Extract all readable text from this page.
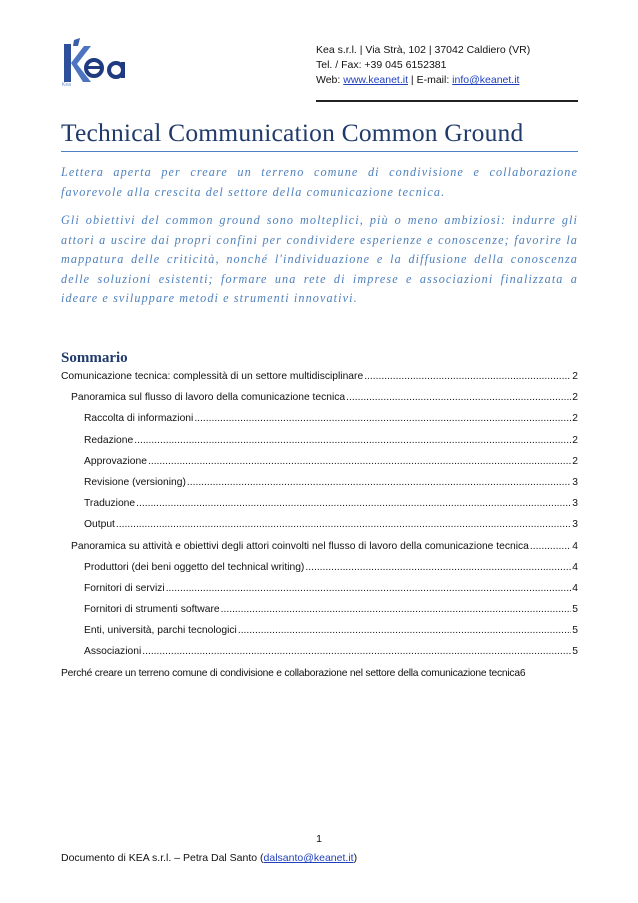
Kea
Kea s.r.l. | Via Strà, 102 | 37042 Caldiero (VR)
Tel. / Fax: +39 045 6152381
Web: www.keanet.it | E-mail: info@keanet.it
Technical Communication Common Ground
Lettera aperta per creare un terreno comune di condivisione e collaborazione favorevole alla crescita del settore della comunicazione tecnica.
Gli obiettivi del common ground sono molteplici, più o meno ambiziosi: indurre gli attori a uscire dai propri confini per condividere esperienze e conoscenze; favorire la mappatura delle criticità, nonché l'individuazione e la diffusione della conoscenza delle soluzioni esistenti; formare una rete di imprese e associazioni finalizzata a ideare e sviluppare metodi e strumenti innovativi.
Sommario
Comunicazione tecnica: complessità di un settore multidisciplinare .....	2
Panoramica sul flusso di lavoro della comunicazione tecnica .....	2
Raccolta di informazioni .....	2
Redazione .....	2
Approvazione .....	2
Revisione (versioning) .....	3
Traduzione .....	3
Output .....	3
Panoramica su attività e obiettivi degli attori coinvolti nel flusso di lavoro della comunicazione tecnica .....	4
Produttori (dei beni oggetto del technical writing) .....	4
Fornitori di servizi .....	4
Fornitori di strumenti software .....	5
Enti, università, parchi tecnologici .....	5
Associazioni .....	5
Perché creare un terreno comune di condivisione e collaborazione nel settore della comunicazione tecnica 6
1
Documento di KEA s.r.l. – Petra Dal Santo (dalsanto@keanet.it)
